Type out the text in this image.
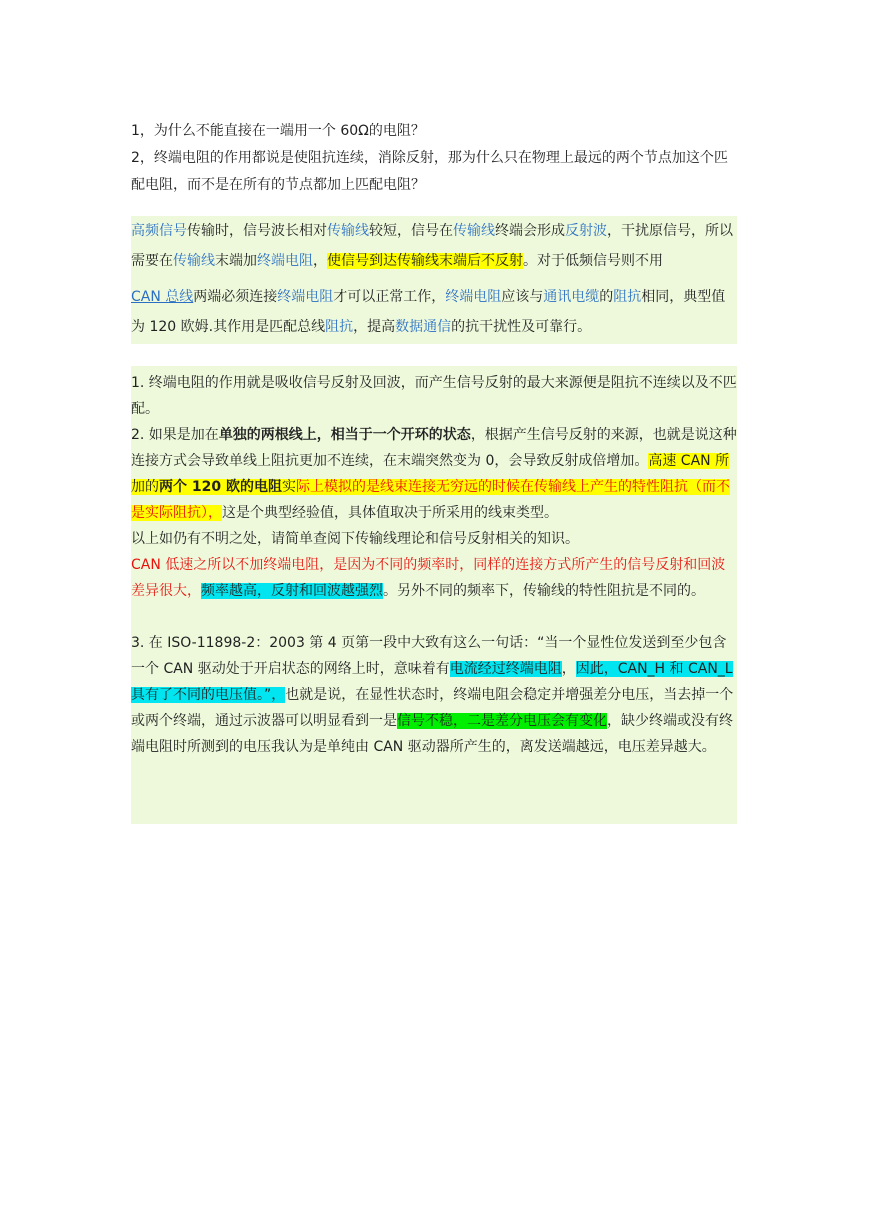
1，为什么不能直接在一端用一个 60Ω的电阻？

2，终端电阻的作用都说是使阻抗连续，消除反射，那为什么只在物理上最远的两个节点加这个匹配电阻，而不是在所有的节点都加上匹配电阻？

高频信号传输时，信号波长相对传输线较短，信号在传输线终端会形成反射波，干扰原信号，所以需要在传输线末端加终端电阻，使信号到达传输线末端后不反射。对于低频信号则不用

CAN 总线两端必须连接终端电阻才可以正常工作，终端电阻应该与通讯电缆的阻抗相同，典型值为 120 欧姆.其作用是匹配总线阻抗，提高数据通信的抗干扰性及可靠行。

1. 终端电阻的作用就是吸收信号反射及回波，而产生信号反射的最大来源便是阻抗不连续以及不匹配。

2. 如果是加在单独的两根线上，相当于一个开环的状态，根据产生信号反射的来源，也就是说这种连接方式会导致单线上阻抗更加不连续，在末端突然变为 0，会导致反射成倍增加。高速 CAN 所加的两个 120 欧的电阻实际上模拟的是线束连接无穷远的时候在传输线上产生的特性阻抗（而不是实际阻抗），这是个典型经验值，具体值取决于所采用的线束类型。

以上如仍有不明之处，请简单查阅下传输线理论和信号反射相关的知识。

CAN 低速之所以不加终端电阻，是因为不同的频率时，同样的连接方式所产生的信号反射和回波差异很大，频率越高，反射和回波越强烈。另外不同的频率下，传输线的特性阻抗是不同的。

3. 在 ISO-11898-2：2003 第 4 页第一段中大致有这么一句话：“当一个显性位发送到至少包含一个 CAN 驱动处于开启状态的网络上时，意味着有电流经过终端电阻，因此，CAN_H 和 CAN_L 具有了不同的电压值。”，也就是说，在显性状态时，终端电阻会稳定并增强差分电压，当去掉一个或两个终端，通过示波器可以明显看到一是信号不稳，二是差分电压会有变化，缺少终端或没有终端电阻时所测到的电压我认为是单纯由 CAN 驱动器所产生的，离发送端越远，电压差异越大。
